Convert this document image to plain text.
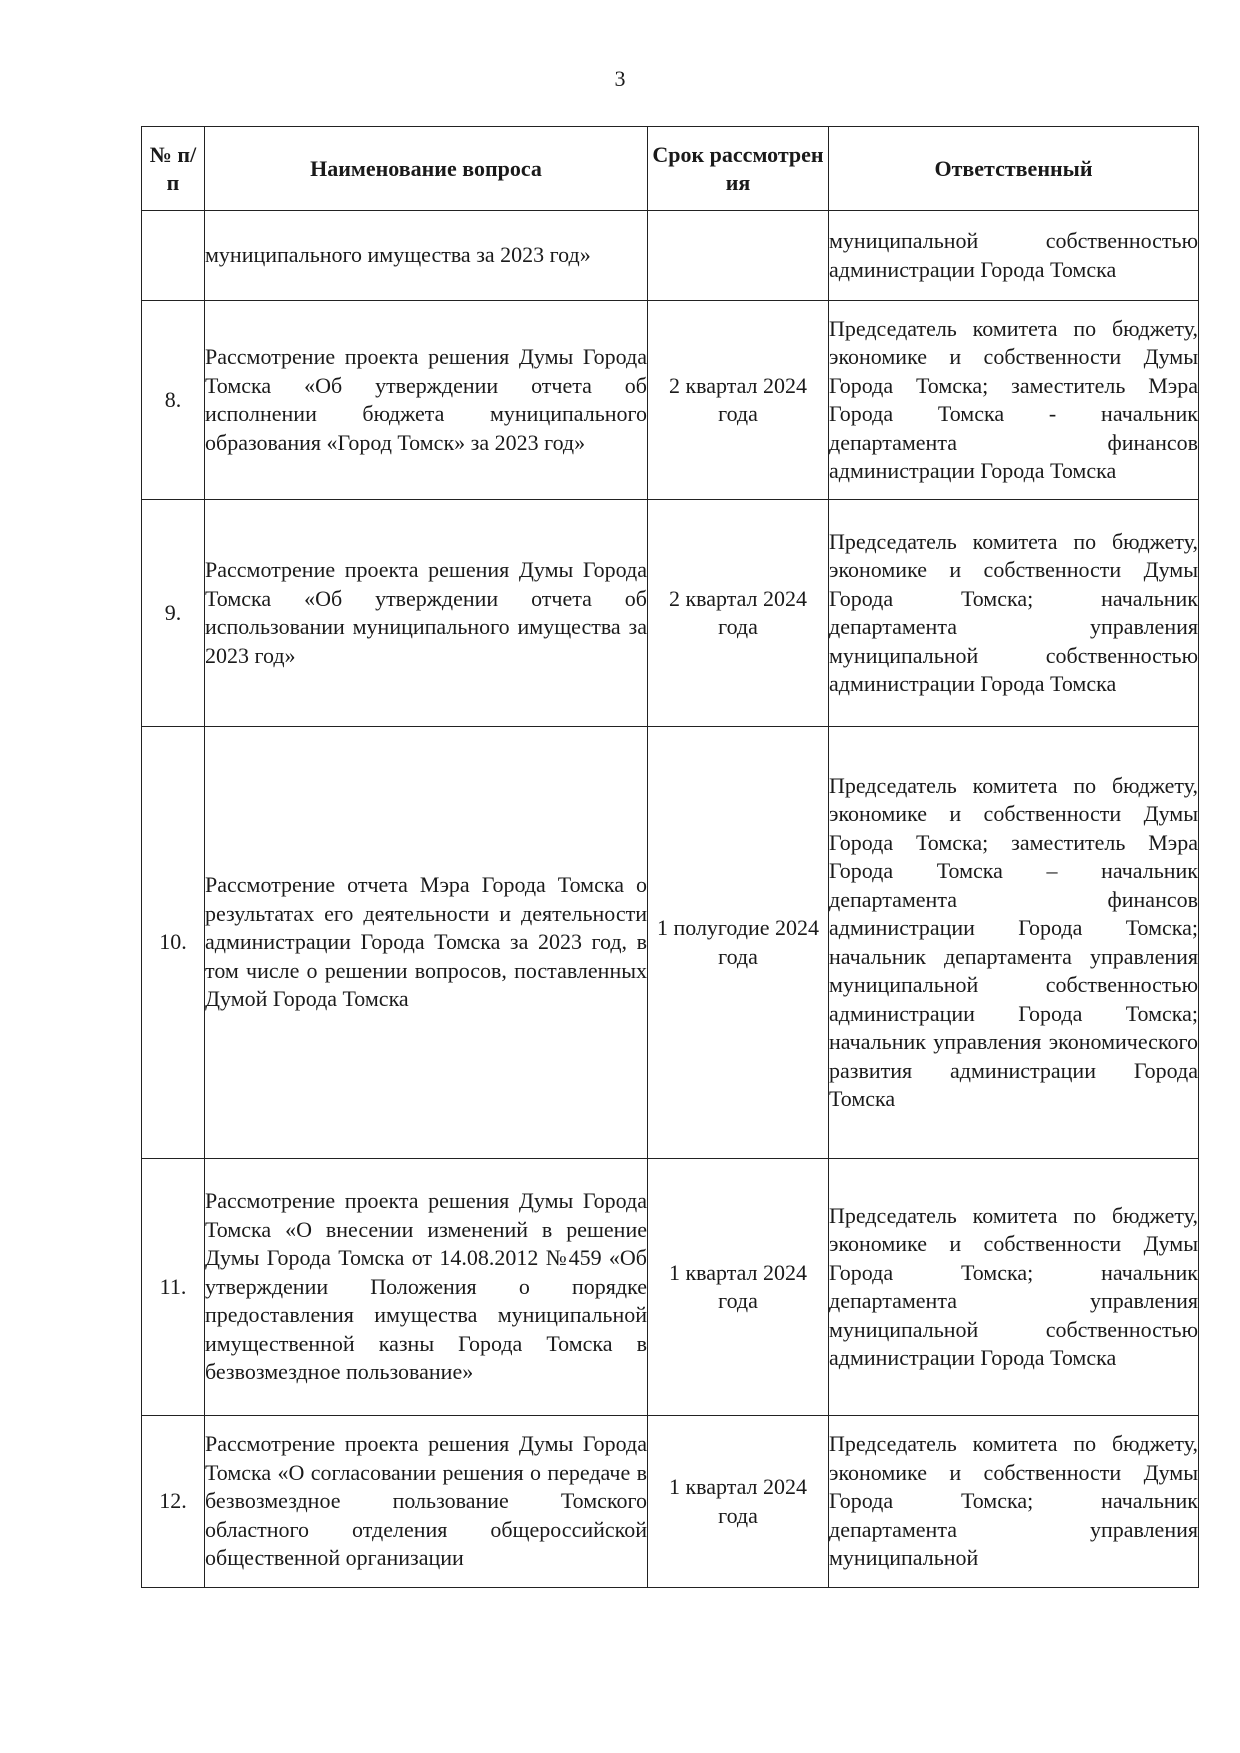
3
№ п/п	Наименование вопроса	Срок рассмотрения	Ответственный
	муниципального имущества за 2023 год»		муниципальной собственностью администрации Города Томска
8.	Рассмотрение проекта решения Думы Города Томска «Об утверждении отчета об исполнении бюджета муниципального образования «Город Томск» за 2023 год»	2 квартал 2024 года	Председатель комитета по бюджету, экономике и собственности Думы Города Томска; заместитель Мэра Города Томска - начальник департамента финансов администрации Города Томска
9.	Рассмотрение проекта решения Думы Города Томска «Об утверждении отчета об использовании муниципального имущества за 2023 год»	2 квартал 2024 года	Председатель комитета по бюджету, экономике и собственности Думы Города Томска; начальник департамента управления муниципальной собственностью администрации Города Томска
10.	Рассмотрение отчета Мэра Города Томска о результатах его деятельности и деятельности администрации Города Томска за 2023 год, в том числе о решении вопросов, поставленных Думой Города Томска	1 полугодие 2024 года	Председатель комитета по бюджету, экономике и собственности Думы Города Томска; заместитель Мэра Города Томска – начальник департамента финансов администрации Города Томска; начальник департамента управления муниципальной собственностью администрации Города Томска; начальник управления экономического развития администрации Города Томска
11.	Рассмотрение проекта решения Думы Города Томска «О внесении изменений в решение Думы Города Томска от 14.08.2012 №459 «Об утверждении Положения о порядке предоставления имущества муниципальной имущественной казны Города Томска в безвозмездное пользование»	1 квартал 2024 года	Председатель комитета по бюджету, экономике и собственности Думы Города Томска; начальник департамента управления муниципальной собственностью администрации Города Томска
12.	Рассмотрение проекта решения Думы Города Томска «О согласовании решения о передаче в безвозмездное пользование Томского областного отделения общероссийской общественной организации	1 квартал 2024 года	Председатель комитета по бюджету, экономике и собственности Думы Города Томска; начальник департамента управления муниципальной
